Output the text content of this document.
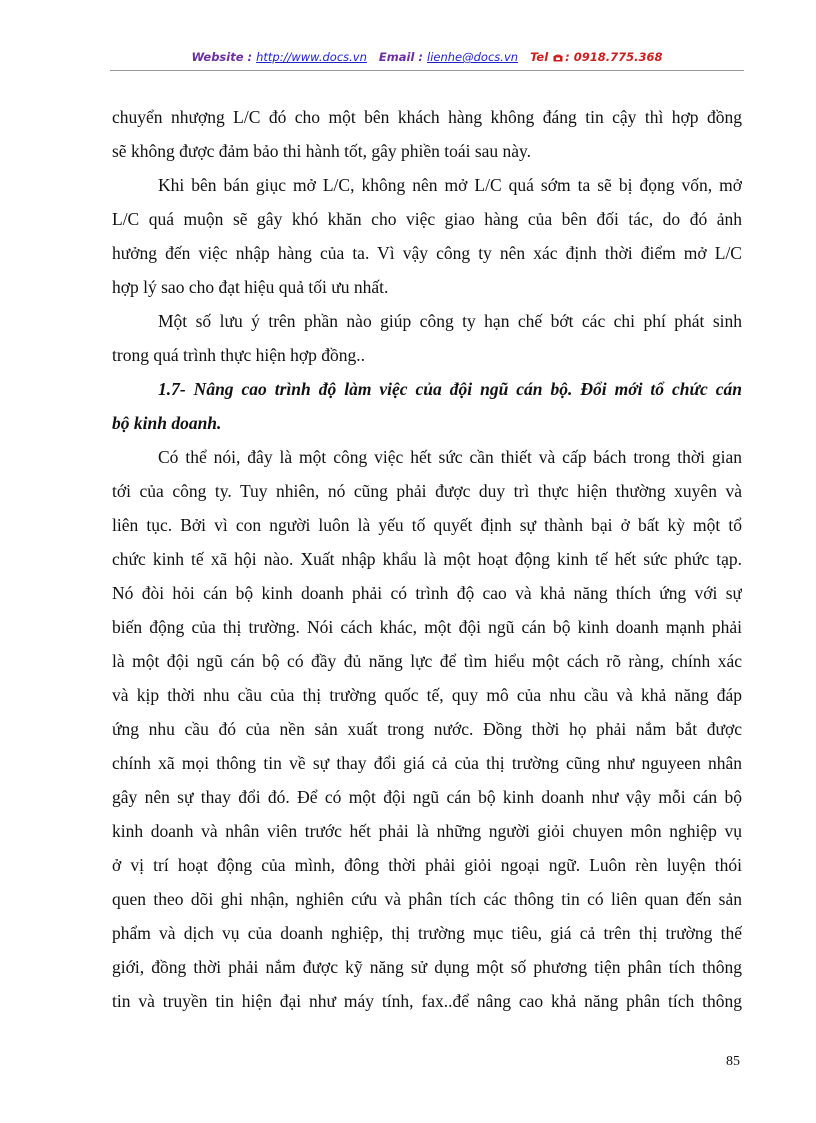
Website : http://www.docs.vn Email : lienhe@docs.vn Tel : 0918.775.368
chuyển nhượng L/C đó cho một bên khách hàng không đáng tin cậy thì hợp đồng
sẽ không được đảm bảo thi hành tốt, gây phiền toái sau này.
Khi bên bán giục mở L/C, không nên mở L/C quá sớm ta sẽ bị đọng vốn, mở
L/C quá muộn sẽ gây khó khăn cho việc giao hàng của bên đối tác, do đó ảnh
hưởng đến việc nhập hàng của ta. Vì vậy công ty nên xác định thời điểm mở L/C
hợp lý sao cho đạt hiệu quả tối ưu nhất.
Một số lưu ý trên phần nào giúp công ty hạn chế bớt các chi phí phát sinh
trong quá trình thực hiện hợp đồng..
1.7- Nâng cao trình độ làm việc của đội ngũ cán bộ. Đổi mới tổ chức cán
bộ kinh doanh.
Có thể nói, đây là một công việc hết sức cần thiết và cấp bách trong thời gian
tới của công ty. Tuy nhiên, nó cũng phải được duy trì thực hiện thường xuyên và
liên tục. Bởi vì con người luôn là yếu tố quyết định sự thành bại ở bất kỳ một tổ
chức kinh tế xã hội nào. Xuất nhập khẩu là một hoạt động kinh tế hết sức phức tạp.
Nó đòi hỏi cán bộ kinh doanh phải có trình độ cao và khả năng thích ứng với sự
biến động của thị trường. Nói cách khác, một đội ngũ cán bộ kinh doanh mạnh phải
là một đội ngũ cán bộ có đầy đủ năng lực để tìm hiểu một cách rõ ràng, chính xác
và kịp thời nhu cầu của thị trường quốc tế, quy mô của nhu cầu và khả năng đáp
ứng nhu cầu đó của nền sản xuất trong nước. Đồng thời họ phải nắm bắt được
chính xã mọi thông tin về sự thay đổi giá cả của thị trường cũng như nguyeen nhân
gây nên sự thay đổi đó. Để có một đội ngũ cán bộ kinh doanh như vậy mỗi cán bộ
kinh doanh và nhân viên trước hết phải là những người giỏi chuyen môn nghiệp vụ
ở vị trí hoạt động của mình, đông thời phải giỏi ngoại ngữ. Luôn rèn luyện thói
quen theo dõi ghi nhận, nghiên cứu và phân tích các thông tin có liên quan đến sản
phẩm và dịch vụ của doanh nghiệp, thị trường mục tiêu, giá cả trên thị trường thế
giới, đồng thời phải nắm được kỹ năng sử dụng một số phương tiện phân tích thông
tin và truyền tin hiện đại như máy tính, fax..để nâng cao khả năng phân tích thông
85
